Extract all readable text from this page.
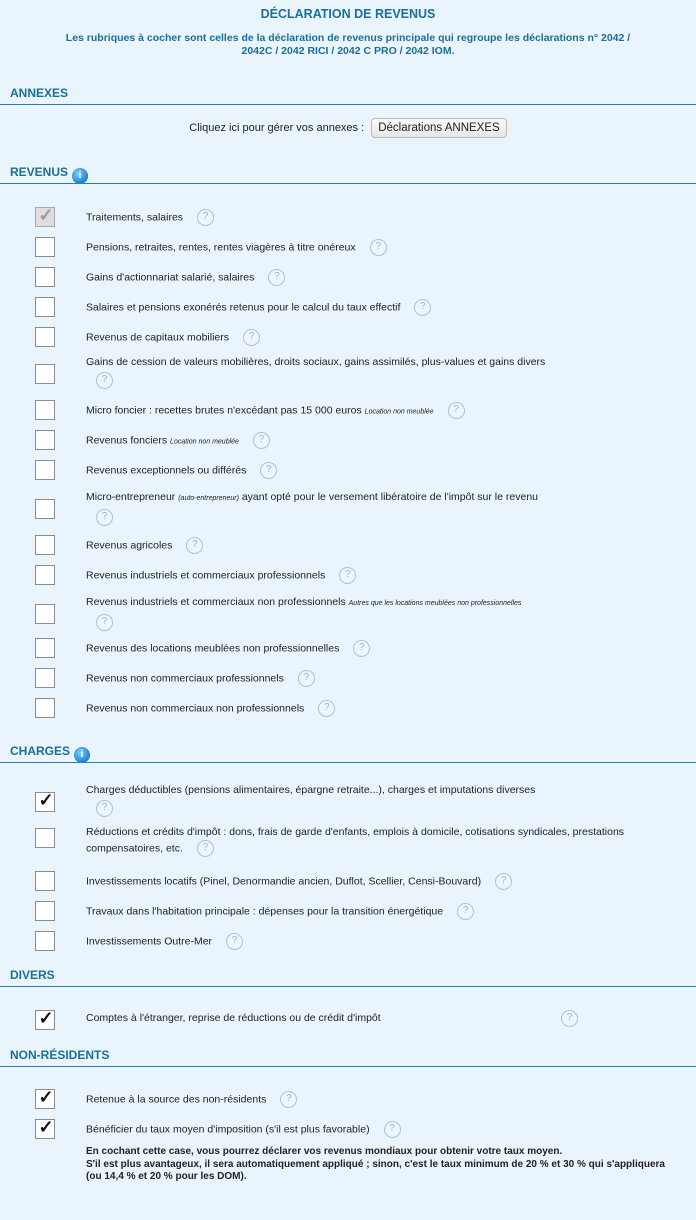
DÉCLARATION DE REVENUS
Les rubriques à cocher sont celles de la déclaration de revenus principale qui regroupe les déclarations n° 2042 / 2042C / 2042 RICI / 2042 C PRO / 2042 IOM.
ANNEXES
Cliquez ici pour gérer vos annexes : Déclarations ANNEXES
REVENUS i
✓	Traitements, salaires ?
Pensions, retraites, rentes, rentes viagères à titre onéreux ?
Gains d'actionnariat salarié, salaires ?
Salaires et pensions exonérés retenus pour le calcul du taux effectif ?
Revenus de capitaux mobiliers ?
Gains de cession de valeurs mobilières, droits sociaux, gains assimilés, plus-values et gains divers
?
Micro foncier : recettes brutes n'excédant pas 15 000 euros Location non meublée ?
Revenus fonciers Location non meublée ?
Revenus exceptionnels ou différés ?
Micro-entrepreneur (auto-entrepreneur) ayant opté pour le versement libératoire de l'impôt sur le revenu
?
Revenus agricoles ?
Revenus industriels et commerciaux professionnels ?
Revenus industriels et commerciaux non professionnels Autres que les locations meublées non professionnelles
?
Revenus des locations meublées non professionnelles ?
Revenus non commerciaux professionnels ?
Revenus non commerciaux non professionnels ?
CHARGES i
✓	Charges déductibles (pensions alimentaires, épargne retraite...), charges et imputations diverses
?
Réductions et crédits d'impôt : dons, frais de garde d'enfants, emplois à domicile, cotisations syndicales, prestations compensatoires, etc. ?
Investissements locatifs (Pinel, Denormandie ancien, Duflot, Scellier, Censi-Bouvard) ?
Travaux dans l'habitation principale : dépenses pour la transition énergétique ?
Investissements Outre-Mer ?
DIVERS
✓	Comptes à l'étranger, reprise de réductions ou de crédit d'impôt	?
NON-RÉSIDENTS
✓	Retenue à la source des non-résidents ?
✓	Bénéficier du taux moyen d'imposition (s'il est plus favorable) ?
En cochant cette case, vous pourrez déclarer vos revenus mondiaux pour obtenir votre taux moyen.
S'il est plus avantageux, il sera automatiquement appliqué ; sinon, c'est le taux minimum de 20 % et 30 % qui s'appliquera (ou 14,4 % et 20 % pour les DOM).
